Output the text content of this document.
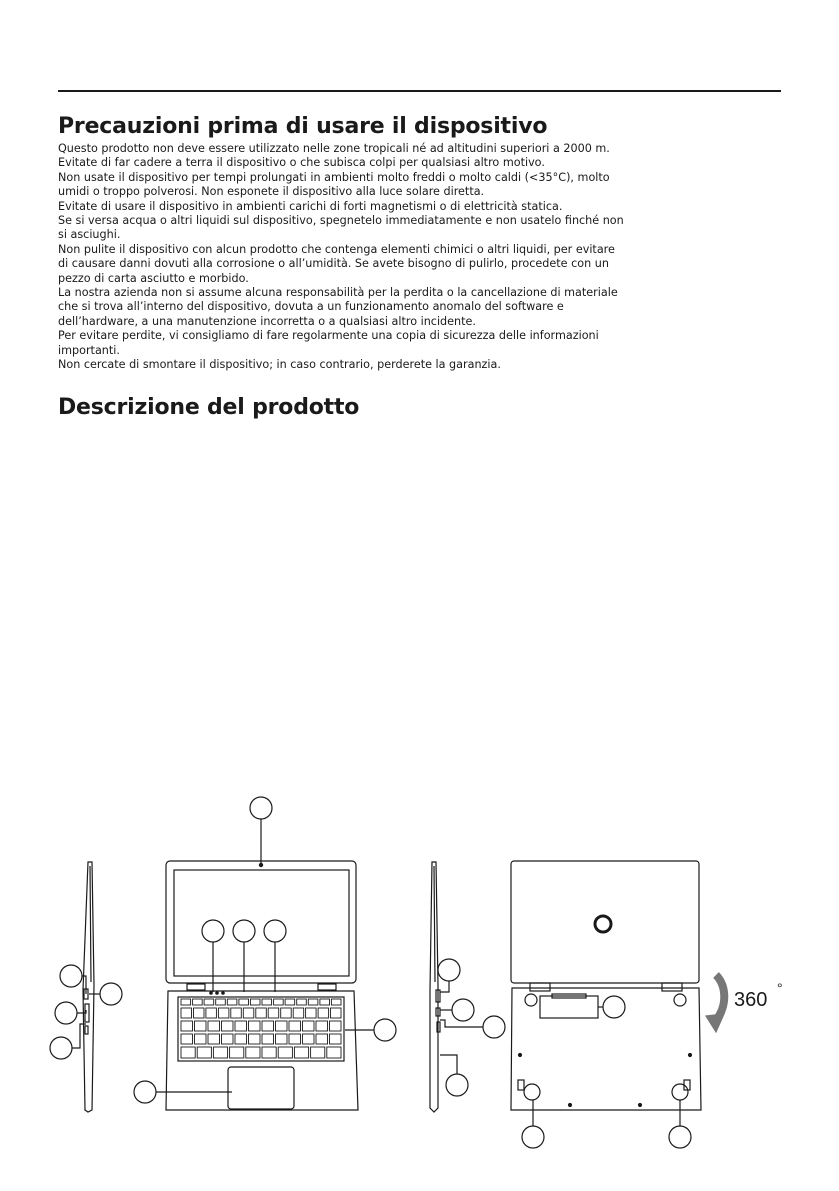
Precauzioni prima di usare il dispositivo

Questo prodotto non deve essere utilizzato nelle zone tropicali né ad altitudini superiori a 2000 m.

Evitate di far cadere a terra il dispositivo o che subisca colpi per qualsiasi altro motivo.

Non usate il dispositivo per tempi prolungati in ambienti molto freddi o molto caldi (<35°C), molto

umidi o troppo polverosi. Non esponete il dispositivo alla luce solare diretta.

Evitate di usare il dispositivo in ambienti carichi di forti magnetismi o di elettricità statica.

Se si versa acqua o altri liquidi sul dispositivo, spegnetelo immediatamente e non usatelo finché non

si asciughi.

Non pulite il dispositivo con alcun prodotto che contenga elementi chimici o altri liquidi, per evitare

di causare danni dovuti alla corrosione o all’umidità. Se avete bisogno di pulirlo, procedete con un

pezzo di carta asciutto e morbido.

La nostra azienda non si assume alcuna responsabilità per la perdita o la cancellazione di materiale

che si trova all’interno del dispositivo, dovuta a un funzionamento anomalo del software e

dell’hardware, a una manutenzione incorretta o a qualsiasi altro incidente.

Per evitare perdite, vi consigliamo di fare regolarmente una copia di sicurezza delle informazioni

importanti.

Non cercate di smontare il dispositivo; in caso contrario, perderete la garanzia.

Descrizione del prodotto
360
°
